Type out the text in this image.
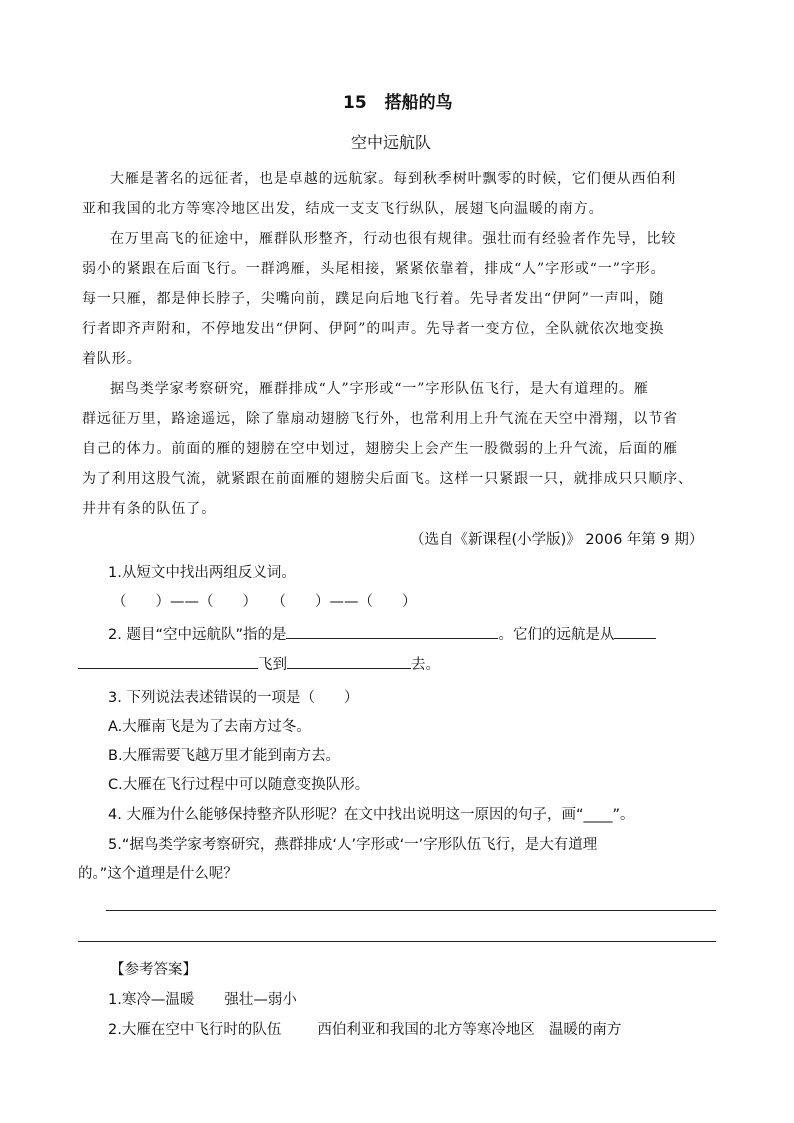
15 搭船的鸟
空中远航队
大雁是著名的远征者，也是卓越的远航家。每到秋季树叶飘零的时候，它们便从西伯利
亚和我国的北方等寒冷地区出发，结成一支支飞行纵队，展翅飞向温暖的南方。
在万里高飞的征途中，雁群队形整齐，行动也很有规律。强壮而有经验者作先导，比较
弱小的紧跟在后面飞行。一群鸿雁，头尾相接，紧紧依靠着，排成“人”字形或“一”字形。
每一只雁，都是伸长脖子，尖嘴向前，蹼足向后地飞行着。先导者发出“伊阿”一声叫，随
行者即齐声附和，不停地发出“伊阿、伊阿”的叫声。先导者一变方位，全队就依次地变换
着队形。
据鸟类学家考察研究，雁群排成“人”字形或“一”字形队伍飞行，是大有道理的。雁
群远征万里，路途遥远，除了靠扇动翅膀飞行外，也常利用上升气流在天空中滑翔，以节省
自己的体力。前面的雁的翅膀在空中划过，翅膀尖上会产生一股微弱的上升气流，后面的雁
为了利用这股气流，就紧跟在前面雁的翅膀尖后面飞。这样一只紧跟一只，就排成只只顺序、
井井有条的队伍了。
（选自《新课程(小学版)》 2006 年第 9 期）
1.从短文中找出两组反义词。
（　　）——（　　）　　（　　）——（　　）
2. 题目“空中远航队”指的是	。它们的远航是从
飞到	去。
3. 下列说法表述错误的一项是（　　）
A.大雁南飞是为了去南方过冬。
B.大雁需要飞越万里才能到南方去。
C.大雁在飞行过程中可以随意变换队形。
4. 大雁为什么能够保持整齐队形呢？在文中找出说明这一原因的句子，画“____”。
5.“据鸟类学家考察研究，燕群排成‘人’字形或‘一’字形队伍飞行，是大有道理
的。”这个道理是什么呢？
【参考答案】
1.寒冷—温暖 强壮—弱小
2.大雁在空中飞行时的队伍 西伯利亚和我国的北方等寒冷地区 温暖的南方
